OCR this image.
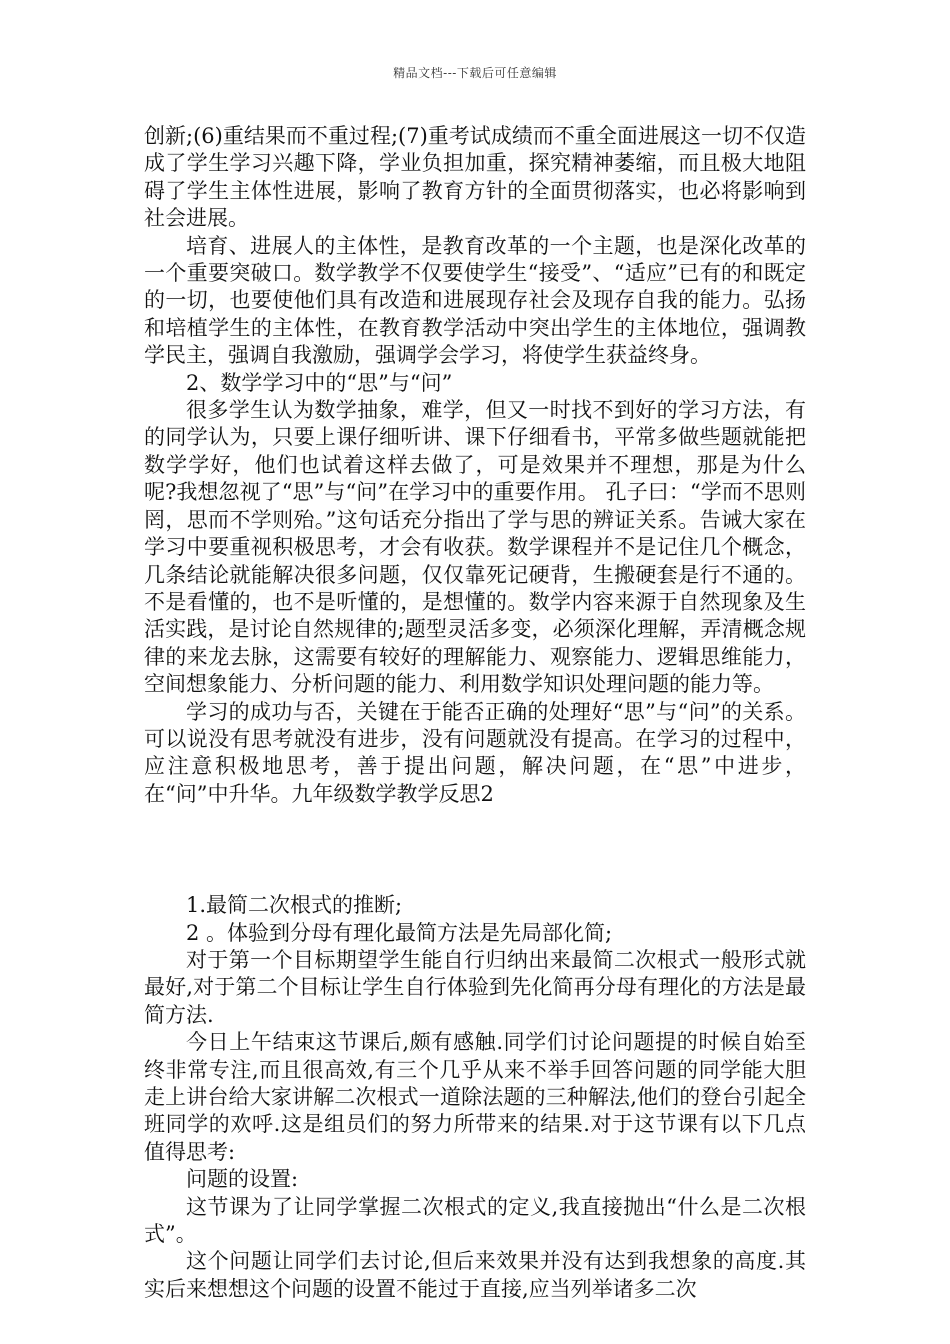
精品文档---下载后可任意编辑

创新;(6)重结果而不重过程;(7)重考试成绩而不重全面进展这一切不仅造成了学生学习兴趣下降，学业负担加重，探究精神萎缩，而且极大地阻碍了学生主体性进展，影响了教育方针的全面贯彻落实，也必将影响到社会进展。

培育、进展人的主体性，是教育改革的一个主题，也是深化改革的一个重要突破口。数学教学不仅要使学生“接受”、“适应”已有的和既定的一切，也要使他们具有改造和进展现存社会及现存自我的能力。弘扬和培植学生的主体性，在教育教学活动中突出学生的主体地位，强调教学民主，强调自我激励，强调学会学习，将使学生获益终身。

2、数学学习中的“思”与“问”

很多学生认为数学抽象，难学，但又一时找不到好的学习方法，有的同学认为，只要上课仔细听讲、课下仔细看书，平常多做些题就能把数学学好，他们也试着这样去做了，可是效果并不理想，那是为什么呢?我想忽视了“思”与“问”在学习中的重要作用。 孔子曰：“学而不思则罔，思而不学则殆。”这句话充分指出了学与思的辨证关系。告诫大家在学习中要重视积极思考，才会有收获。数学课程并不是记住几个概念，几条结论就能解决很多问题，仅仅靠死记硬背，生搬硬套是行不通的。不是看懂的，也不是听懂的，是想懂的。数学内容来源于自然现象及生活实践，是讨论自然规律的;题型灵活多变，必须深化理解，弄清概念规律的来龙去脉，这需要有较好的理解能力、观察能力、逻辑思维能力，空间想象能力、分析问题的能力、利用数学知识处理问题的能力等。

学习的成功与否，关键在于能否正确的处理好“思”与“问”的关系。可以说没有思考就没有进步，没有问题就没有提高。在学习的过程中，应注意积极地思考，善于提出问题，解决问题，在“思”中进步，在“问”中升华。九年级数学教学反思2

1.最简二次根式的推断;

2 。体验到分母有理化最简方法是先局部化简;

对于第一个目标期望学生能自行归纳出来最简二次根式一般形式就最好,对于第二个目标让学生自行体验到先化简再分母有理化的方法是最简方法.

今日上午结束这节课后,颇有感触.同学们讨论问题提的时候自始至终非常专注,而且很高效,有三个几乎从来不举手回答问题的同学能大胆走上讲台给大家讲解二次根式一道除法题的三种解法,他们的登台引起全班同学的欢呼.这是组员们的努力所带来的结果.对于这节课有以下几点值得思考:

问题的设置:

这节课为了让同学掌握二次根式的定义,我直接抛出“什么是二次根式”。

这个问题让同学们去讨论,但后来效果并没有达到我想象的高度.其实后来想想这个问题的设置不能过于直接,应当列举诸多二次
